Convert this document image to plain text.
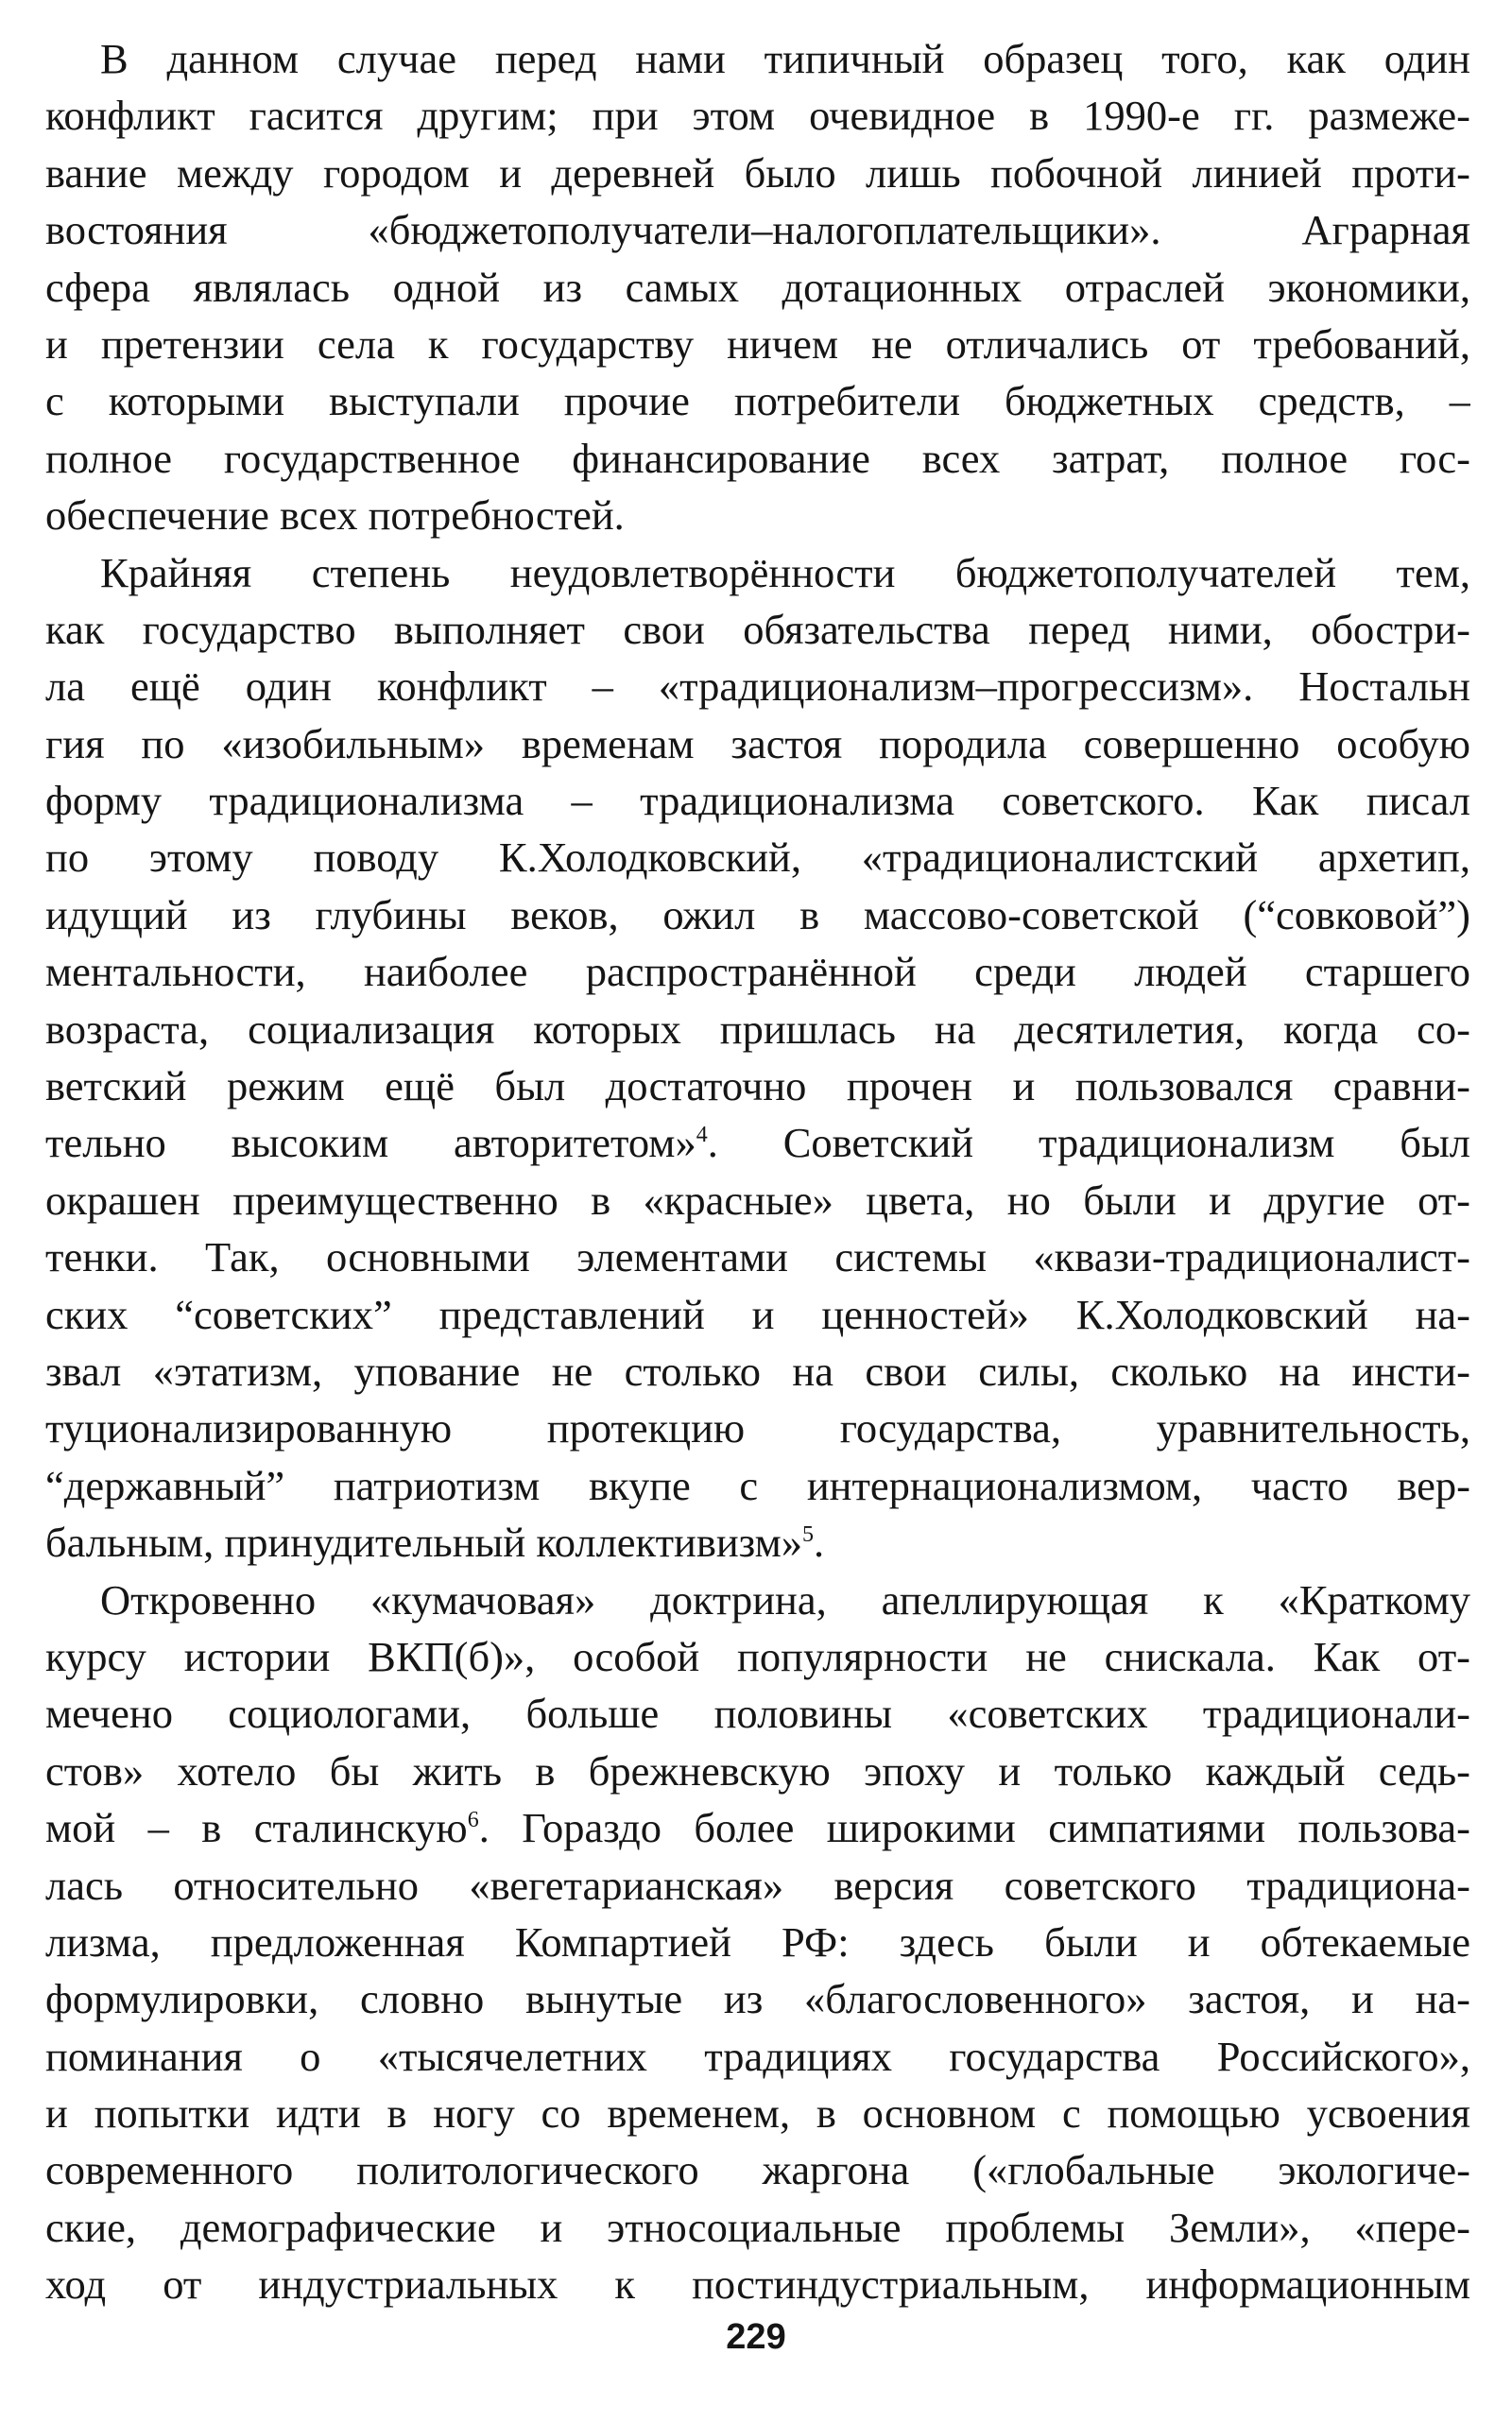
В данном случае перед нами типичный образец того, как один
конфликт гасится другим; при этом очевидное в 1990-е гг. размеже-
вание между городом и деревней было лишь побочной линией проти-
востояния «бюджетополучатели–налогоплательщики». Аграрная
сфера являлась одной из самых дотационных отраслей экономики,
и претензии села к государству ничем не отличались от требований,
с которыми выступали прочие потребители бюджетных средств, –
полное государственное финансирование всех затрат, полное гос-
обеспечение всех потребностей.
Крайняя степень неудовлетворённости бюджетополучателей тем,
как государство выполняет свои обязательства перед ними, обостри-
ла ещё один конфликт – «традиционализм–прогрессизм». Ностальн
гия по «изобильным» временам застоя породила совершенно особую
форму традиционализма – традиционализма советского. Как писал
по этому поводу К.Холодковский, «традиционалистский архетип,
идущий из глубины веков, ожил в массово-советской (“совковой”)
ментальности, наиболее распространённой среди людей старшего
возраста, социализация которых пришлась на десятилетия, когда со-
ветский режим ещё был достаточно прочен и пользовался сравни-
тельно высоким авторитетом»$^4$. Советский традиционализм был
окрашен преимущественно в «красные» цвета, но были и другие от-
тенки. Так, основными элементами системы «квази-традиционалист-
ских “советских” представлений и ценностей» К.Холодковский на-
звал «этатизм, упование не столько на свои силы, сколько на инсти-
туционализированную протекцию государства, уравнительность,
“державный” патриотизм вкупе с интернационализмом, часто вер-
бальным, принудительный коллективизм»$^5$.
Откровенно «кумачовая» доктрина, апеллирующая к «Краткому
курсу истории ВКП(б)», особой популярности не снискала. Как от-
мечено социологами, больше половины «советских традиционали-
стов» хотело бы жить в брежневскую эпоху и только каждый седь-
мой – в сталинскую$^6$. Гораздо более широкими симпатиями пользова-
лась относительно «вегетарианская» версия советского традициона-
лизма, предложенная Компартией РФ: здесь были и обтекаемые
формулировки, словно вынутые из «благословенного» застоя, и на-
поминания о «тысячелетних традициях государства Российского»,
и попытки идти в ногу со временем, в основном с помощью усвоения
современного политологического жаргона («глобальные экологиче-
ские, демографические и этносоциальные проблемы Земли», «пере-
ход от индустриальных к постиндустриальным, информационным
229
